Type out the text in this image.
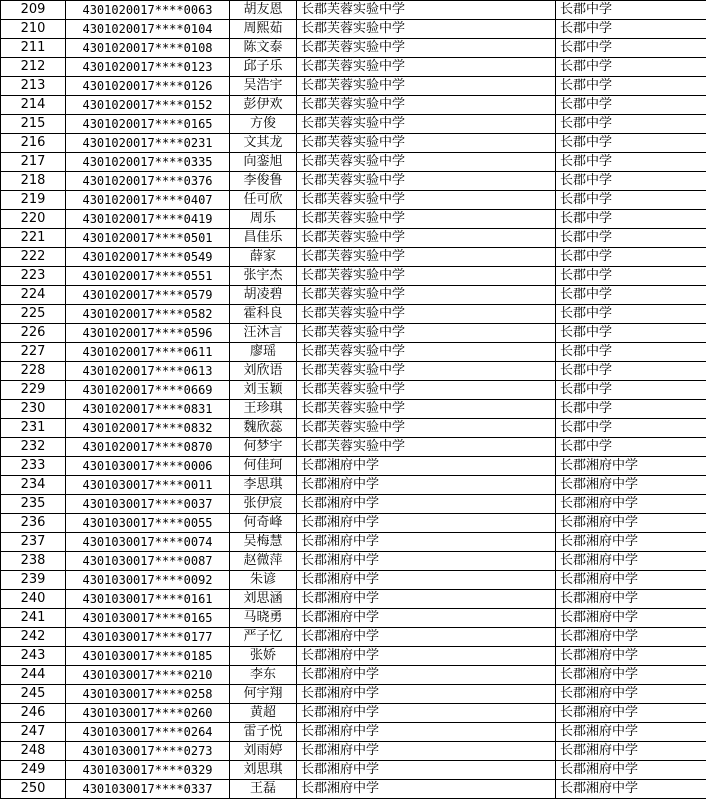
209	4301020017****0063	胡友恩	长郡芙蓉实验中学	长郡中学
210	4301020017****0104	周熙茹	长郡芙蓉实验中学	长郡中学
211	4301020017****0108	陈文泰	长郡芙蓉实验中学	长郡中学
212	4301020017****0123	邱子乐	长郡芙蓉实验中学	长郡中学
213	4301020017****0126	吴浩宇	长郡芙蓉实验中学	长郡中学
214	4301020017****0152	彭伊欢	长郡芙蓉实验中学	长郡中学
215	4301020017****0165	方俊	长郡芙蓉实验中学	长郡中学
216	4301020017****0231	文其龙	长郡芙蓉实验中学	长郡中学
217	4301020017****0335	向銮旭	长郡芙蓉实验中学	长郡中学
218	4301020017****0376	李俊鲁	长郡芙蓉实验中学	长郡中学
219	4301020017****0407	任可欣	长郡芙蓉实验中学	长郡中学
220	4301020017****0419	周乐	长郡芙蓉实验中学	长郡中学
221	4301020017****0501	昌佳乐	长郡芙蓉实验中学	长郡中学
222	4301020017****0549	薛家	长郡芙蓉实验中学	长郡中学
223	4301020017****0551	张宇杰	长郡芙蓉实验中学	长郡中学
224	4301020017****0579	胡凌碧	长郡芙蓉实验中学	长郡中学
225	4301020017****0582	霍科良	长郡芙蓉实验中学	长郡中学
226	4301020017****0596	汪沐言	长郡芙蓉实验中学	长郡中学
227	4301020017****0611	廖瑶	长郡芙蓉实验中学	长郡中学
228	4301020017****0613	刘欣语	长郡芙蓉实验中学	长郡中学
229	4301020017****0669	刘玉颖	长郡芙蓉实验中学	长郡中学
230	4301020017****0831	王珍琪	长郡芙蓉实验中学	长郡中学
231	4301020017****0832	魏欣蕊	长郡芙蓉实验中学	长郡中学
232	4301020017****0870	何梦宇	长郡芙蓉实验中学	长郡中学
233	4301030017****0006	何佳珂	长郡湘府中学	长郡湘府中学
234	4301030017****0011	李思琪	长郡湘府中学	长郡湘府中学
235	4301030017****0037	张伊宸	长郡湘府中学	长郡湘府中学
236	4301030017****0055	何奇峰	长郡湘府中学	长郡湘府中学
237	4301030017****0074	吴梅慧	长郡湘府中学	长郡湘府中学
238	4301030017****0087	赵微萍	长郡湘府中学	长郡湘府中学
239	4301030017****0092	朱谚	长郡湘府中学	长郡湘府中学
240	4301030017****0161	刘思涵	长郡湘府中学	长郡湘府中学
241	4301030017****0165	马晓勇	长郡湘府中学	长郡湘府中学
242	4301030017****0177	严子忆	长郡湘府中学	长郡湘府中学
243	4301030017****0185	张娇	长郡湘府中学	长郡湘府中学
244	4301030017****0210	李东	长郡湘府中学	长郡湘府中学
245	4301030017****0258	何宇翔	长郡湘府中学	长郡湘府中学
246	4301030017****0260	黄超	长郡湘府中学	长郡湘府中学
247	4301030017****0264	雷子悦	长郡湘府中学	长郡湘府中学
248	4301030017****0273	刘雨婷	长郡湘府中学	长郡湘府中学
249	4301030017****0329	刘思琪	长郡湘府中学	长郡湘府中学
250	4301030017****0337	王磊	长郡湘府中学	长郡湘府中学
